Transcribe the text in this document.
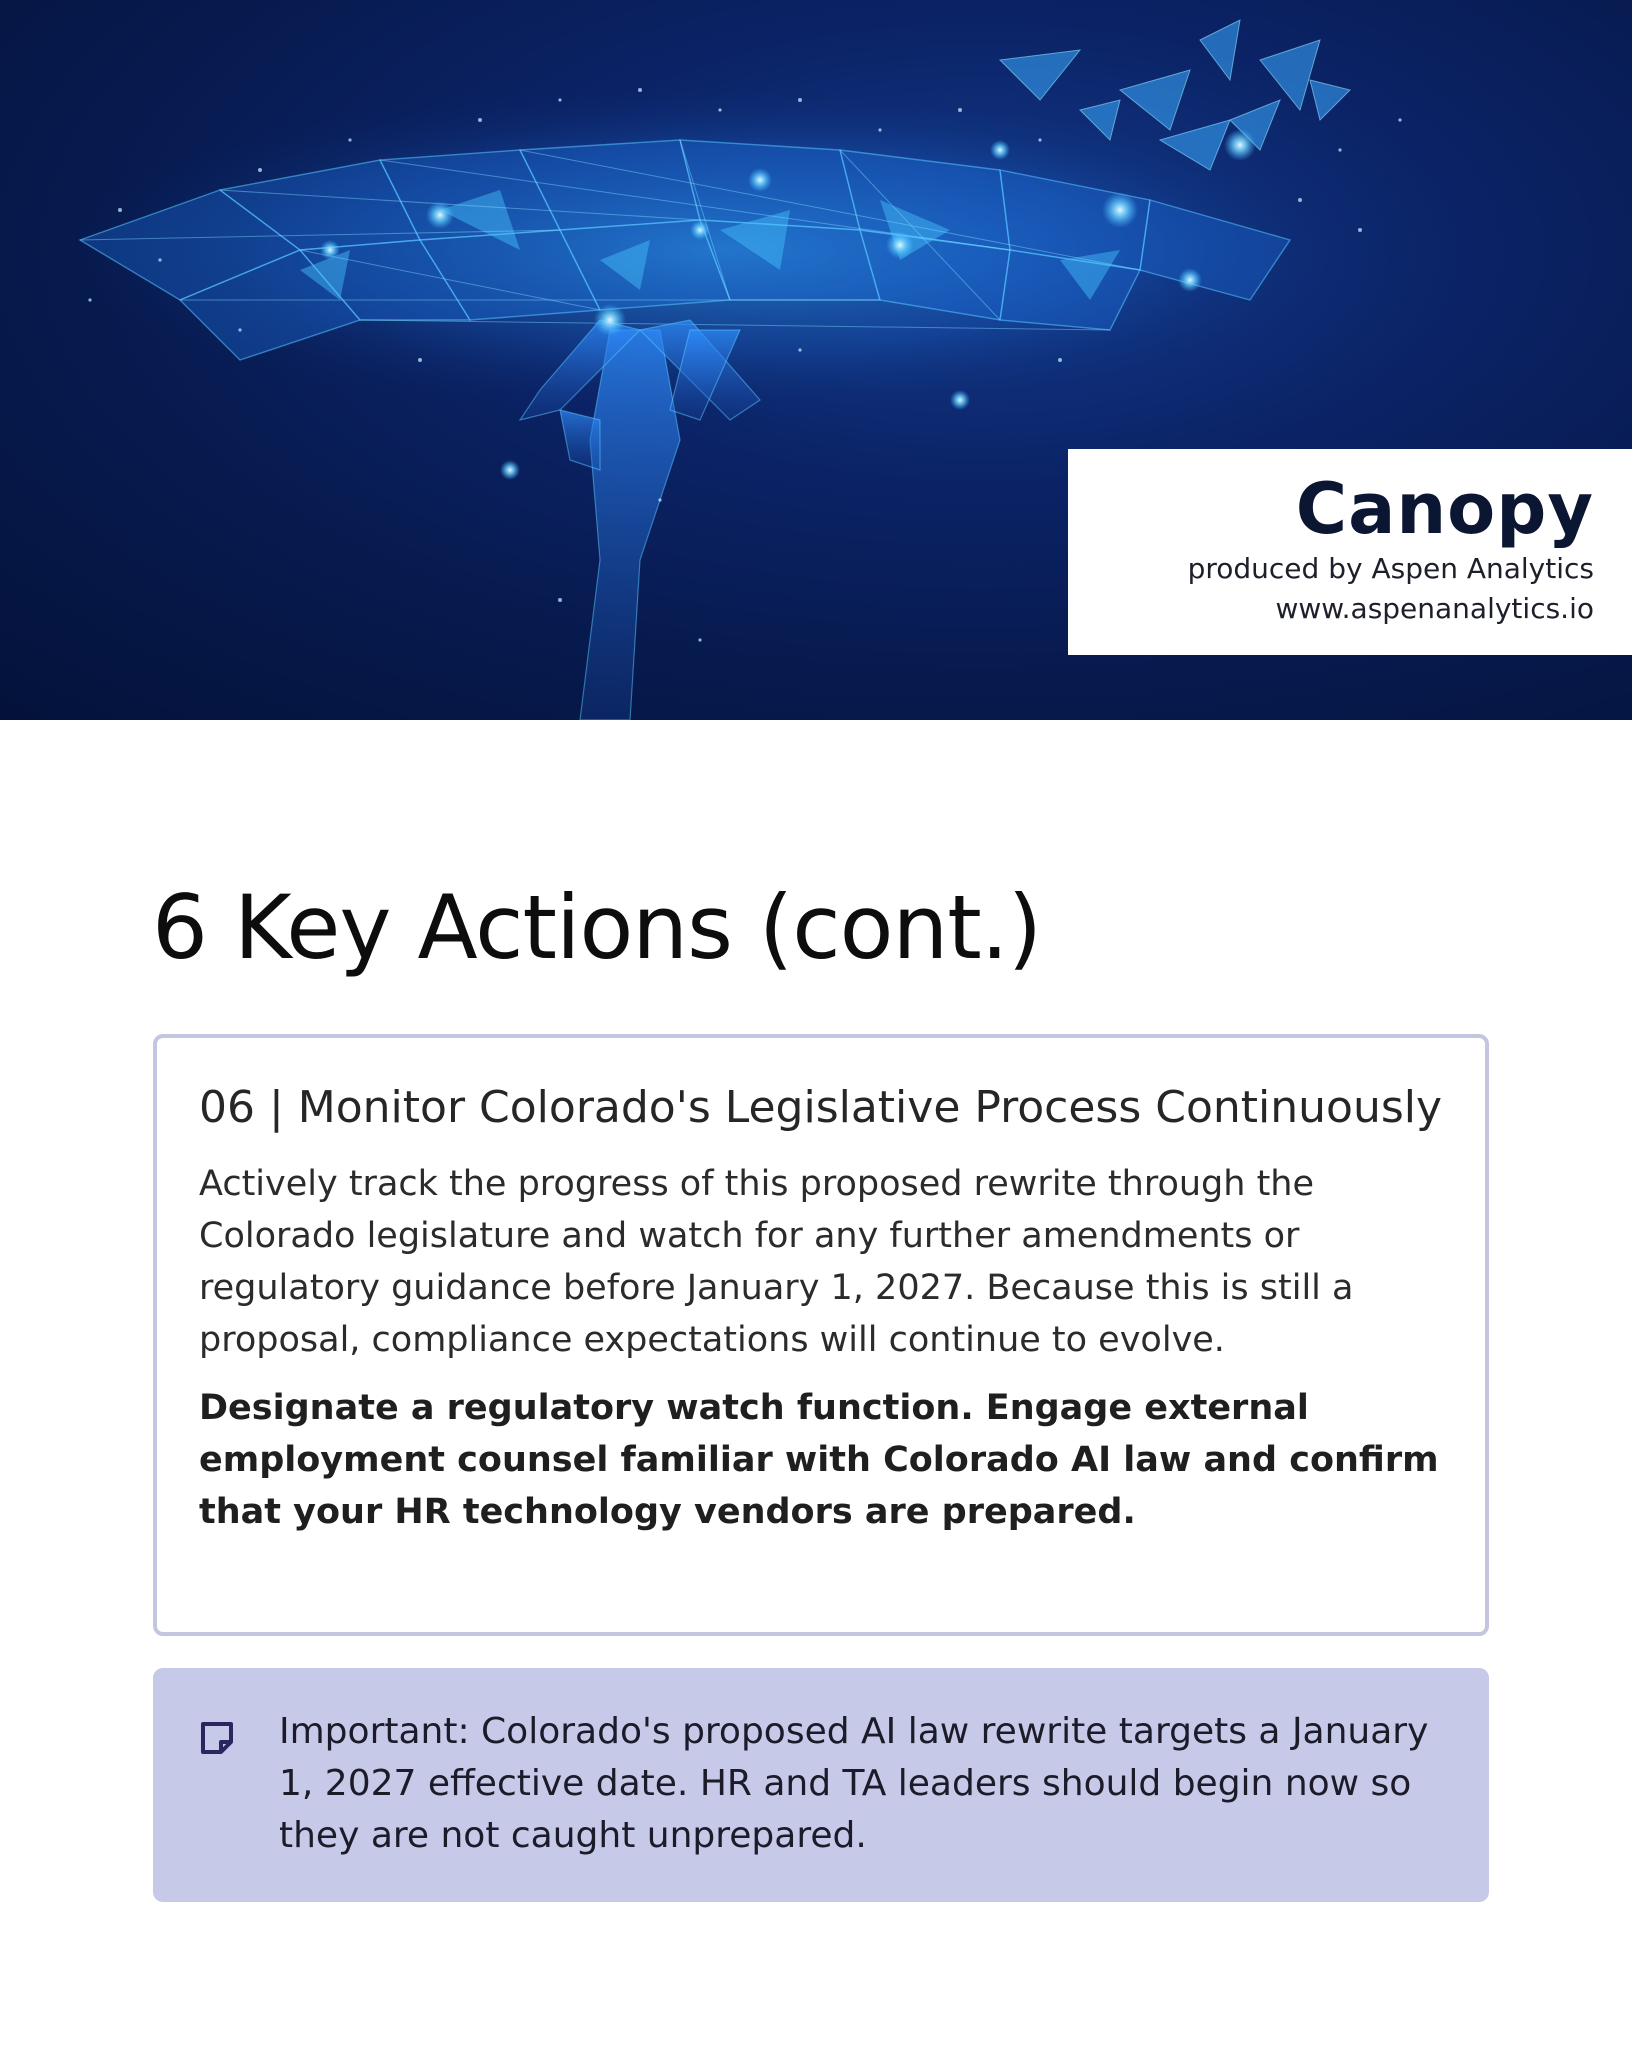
Canopy
produced by Aspen Analytics
www.aspenanalytics.io
6 Key Actions (cont.)
06 | Monitor Colorado's Legislative Process Continuously

Actively track the progress of this proposed rewrite through the Colorado legislature and watch for any further amendments or regulatory guidance before January 1, 2027. Because this is still a proposal, compliance expectations will continue to evolve.

Designate a regulatory watch function. Engage external employment counsel familiar with Colorado AI law and confirm that your HR technology vendors are prepared.

Important: Colorado's proposed AI law rewrite targets a January 1, 2027 effective date. HR and TA leaders should begin now so they are not caught unprepared.
